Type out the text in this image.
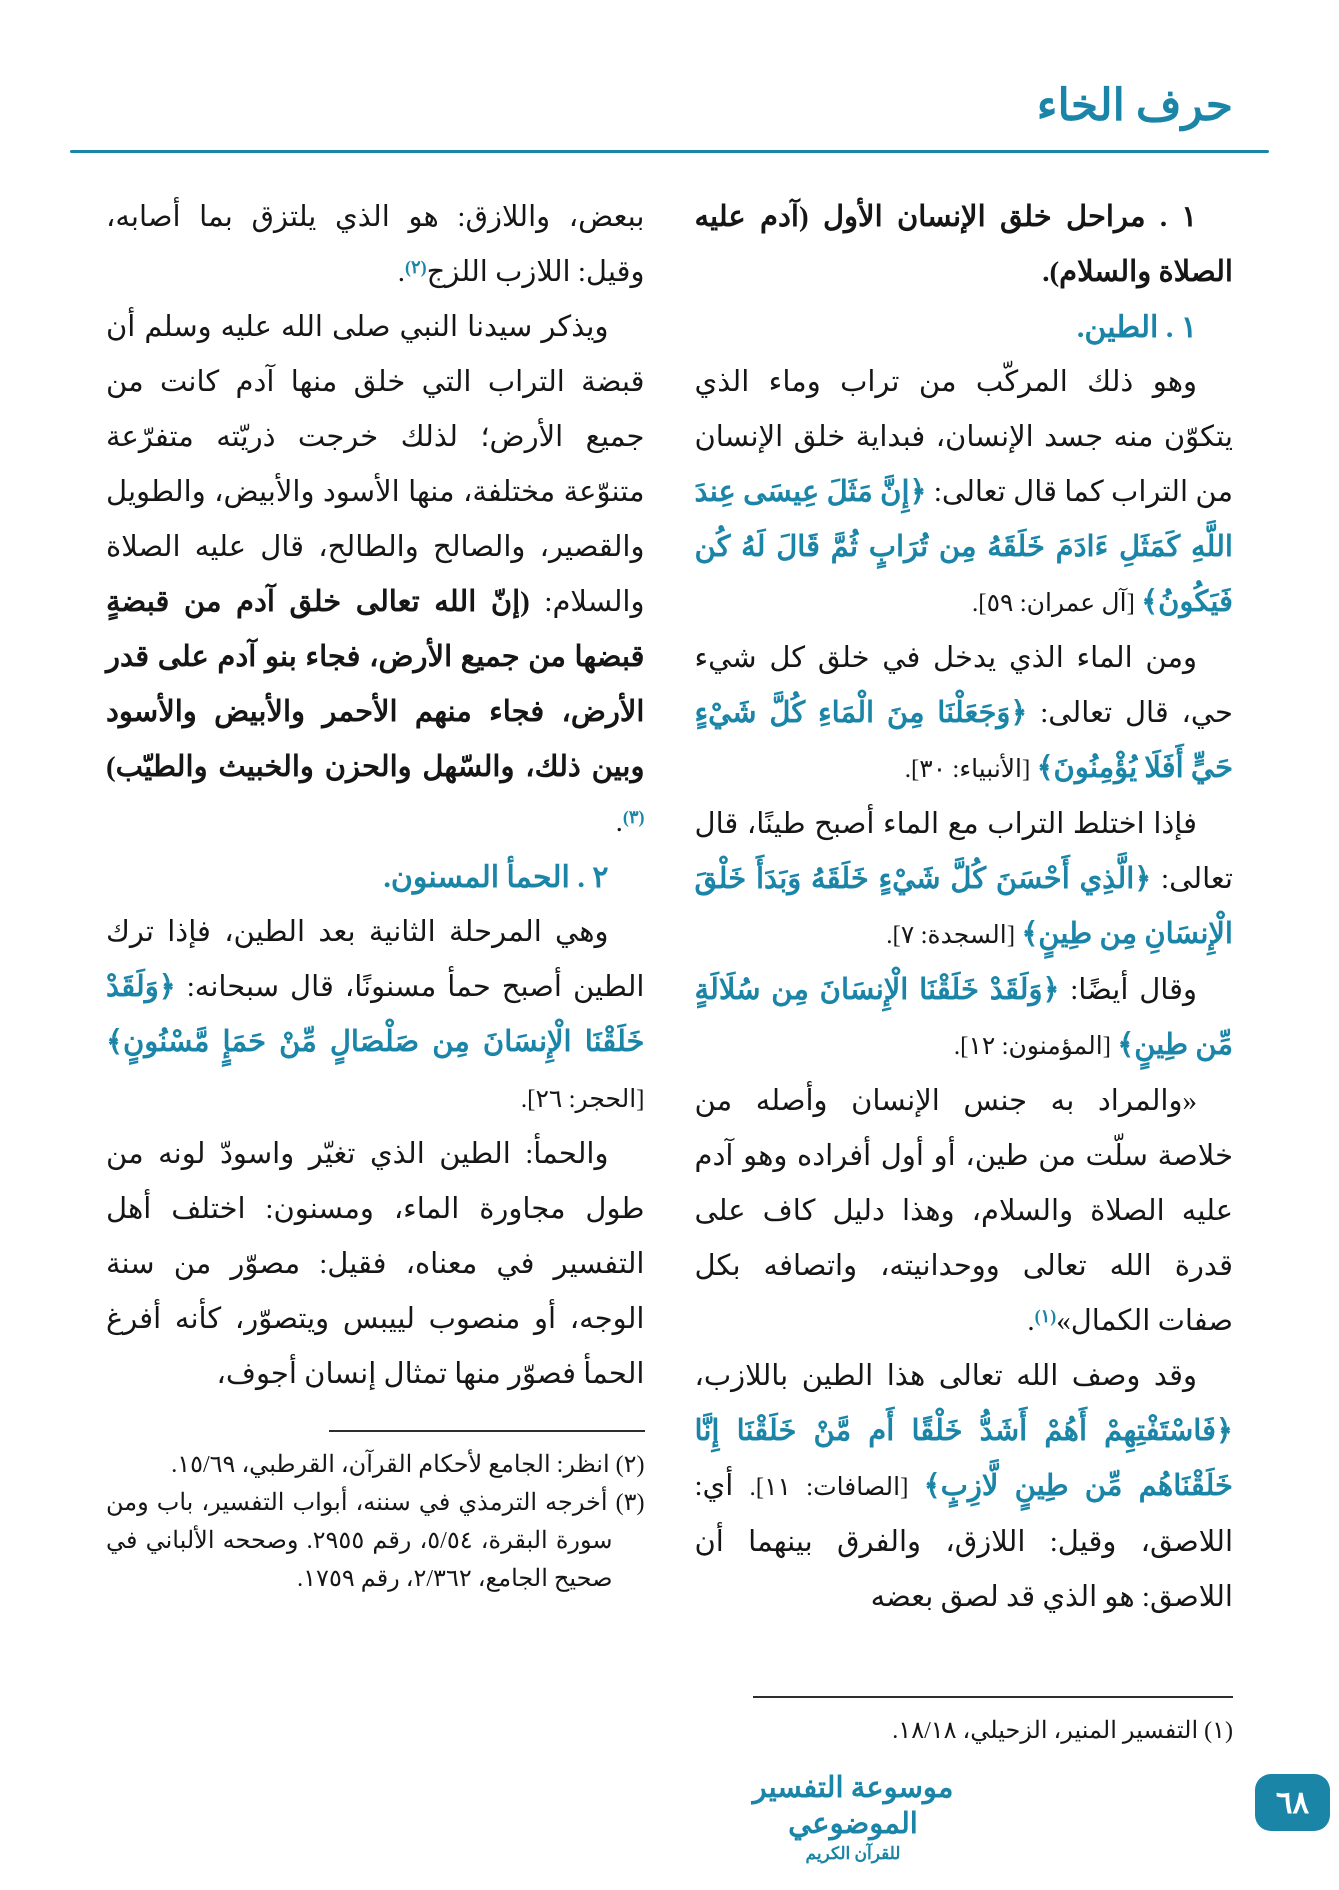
حرف الخاء

١ . مراحل خلق الإنسان الأول (آدم عليه الصلاة والسلام).

١ . الطين.

وهو ذلك المركّب من تراب وماء الذي يتكوّن منه جسد الإنسان، فبداية خلق الإنسان من التراب كما قال تعالى: ﴿إِنَّ مَثَلَ عِيسَى عِندَ اللَّهِ كَمَثَلِ ءَادَمَ خَلَقَهُ مِن تُرَابٍ ثُمَّ قَالَ لَهُ كُن فَيَكُونُ﴾ [آل عمران: ٥٩].

ومن الماء الذي يدخل في خلق كل شيء حي، قال تعالى: ﴿وَجَعَلْنَا مِنَ الْمَاءِ كُلَّ شَيْءٍ حَيٍّ أَفَلَا يُؤْمِنُونَ﴾ [الأنبياء: ٣٠].

فإذا اختلط التراب مع الماء أصبح طينًا، قال تعالى: ﴿الَّذِي أَحْسَنَ كُلَّ شَيْءٍ خَلَقَهُ وَبَدَأَ خَلْقَ الْإِنسَانِ مِن طِينٍ﴾ [السجدة: ٧].

وقال أيضًا: ﴿وَلَقَدْ خَلَقْنَا الْإِنسَانَ مِن سُلَالَةٍ مِّن طِينٍ﴾ [المؤمنون: ١٢].

«والمراد به جنس الإنسان وأصله من خلاصة سلّت من طين، أو أول أفراده وهو آدم عليه الصلاة والسلام، وهذا دليل كاف على قدرة الله تعالى ووحدانيته، واتصافه بكل صفات الكمال»$^{(١)}$.

وقد وصف الله تعالى هذا الطين باللازب، ﴿فَاسْتَفْتِهِمْ أَهُمْ أَشَدُّ خَلْقًا أَم مَّنْ خَلَقْنَا إِنَّا خَلَقْنَاهُم مِّن طِينٍ لَّازِبٍ﴾ [الصافات: ١١]. أي: اللاصق، وقيل: اللازق، والفرق بينهما أن اللاصق: هو الذي قد لصق بعضه

(١) التفسير المنير، الزحيلي، ١٨/١٨.

ببعض، واللازق: هو الذي يلتزق بما أصابه، وقيل: اللازب اللزج$^{(٢)}$.

ويذكر سيدنا النبي صلى الله عليه وسلم أن قبضة التراب التي خلق منها آدم كانت من جميع الأرض؛ لذلك خرجت ذريّته متفرّعة متنوّعة مختلفة، منها الأسود والأبيض، والطويل والقصير، والصالح والطالح، قال عليه الصلاة والسلام: (إنّ الله تعالى خلق آدم من قبضةٍ قبضها من جميع الأرض، فجاء بنو آدم على قدر الأرض، فجاء منهم الأحمر والأبيض والأسود وبين ذلك، والسّهل والحزن والخبيث والطيّب)$^{(٣)}$.

٢ . الحمأ المسنون.

وهي المرحلة الثانية بعد الطين، فإذا ترك الطين أصبح حمأ مسنونًا، قال سبحانه: ﴿وَلَقَدْ خَلَقْنَا الْإِنسَانَ مِن صَلْصَالٍ مِّنْ حَمَإٍ مَّسْنُونٍ﴾ [الحجر: ٢٦].

والحمأ: الطين الذي تغيّر واسودّ لونه من طول مجاورة الماء، ومسنون: اختلف أهل التفسير في معناه، فقيل: مصوّر من سنة الوجه، أو منصوب لييبس ويتصوّر، كأنه أفرغ الحمأ فصوّر منها تمثال إنسان أجوف،

(٢) انظر: الجامع لأحكام القرآن، القرطبي، ١٥/٦٩.

(٣) أخرجه الترمذي في سننه، أبواب التفسير، باب ومن سورة البقرة، ٥/٥٤، رقم ٢٩٥٥. وصححه الألباني في صحيح الجامع، ٢/٣٦٢، رقم ١٧٥٩.

موسوعة التفسير الموضوعي

للقرآن الكريم

٦٨
